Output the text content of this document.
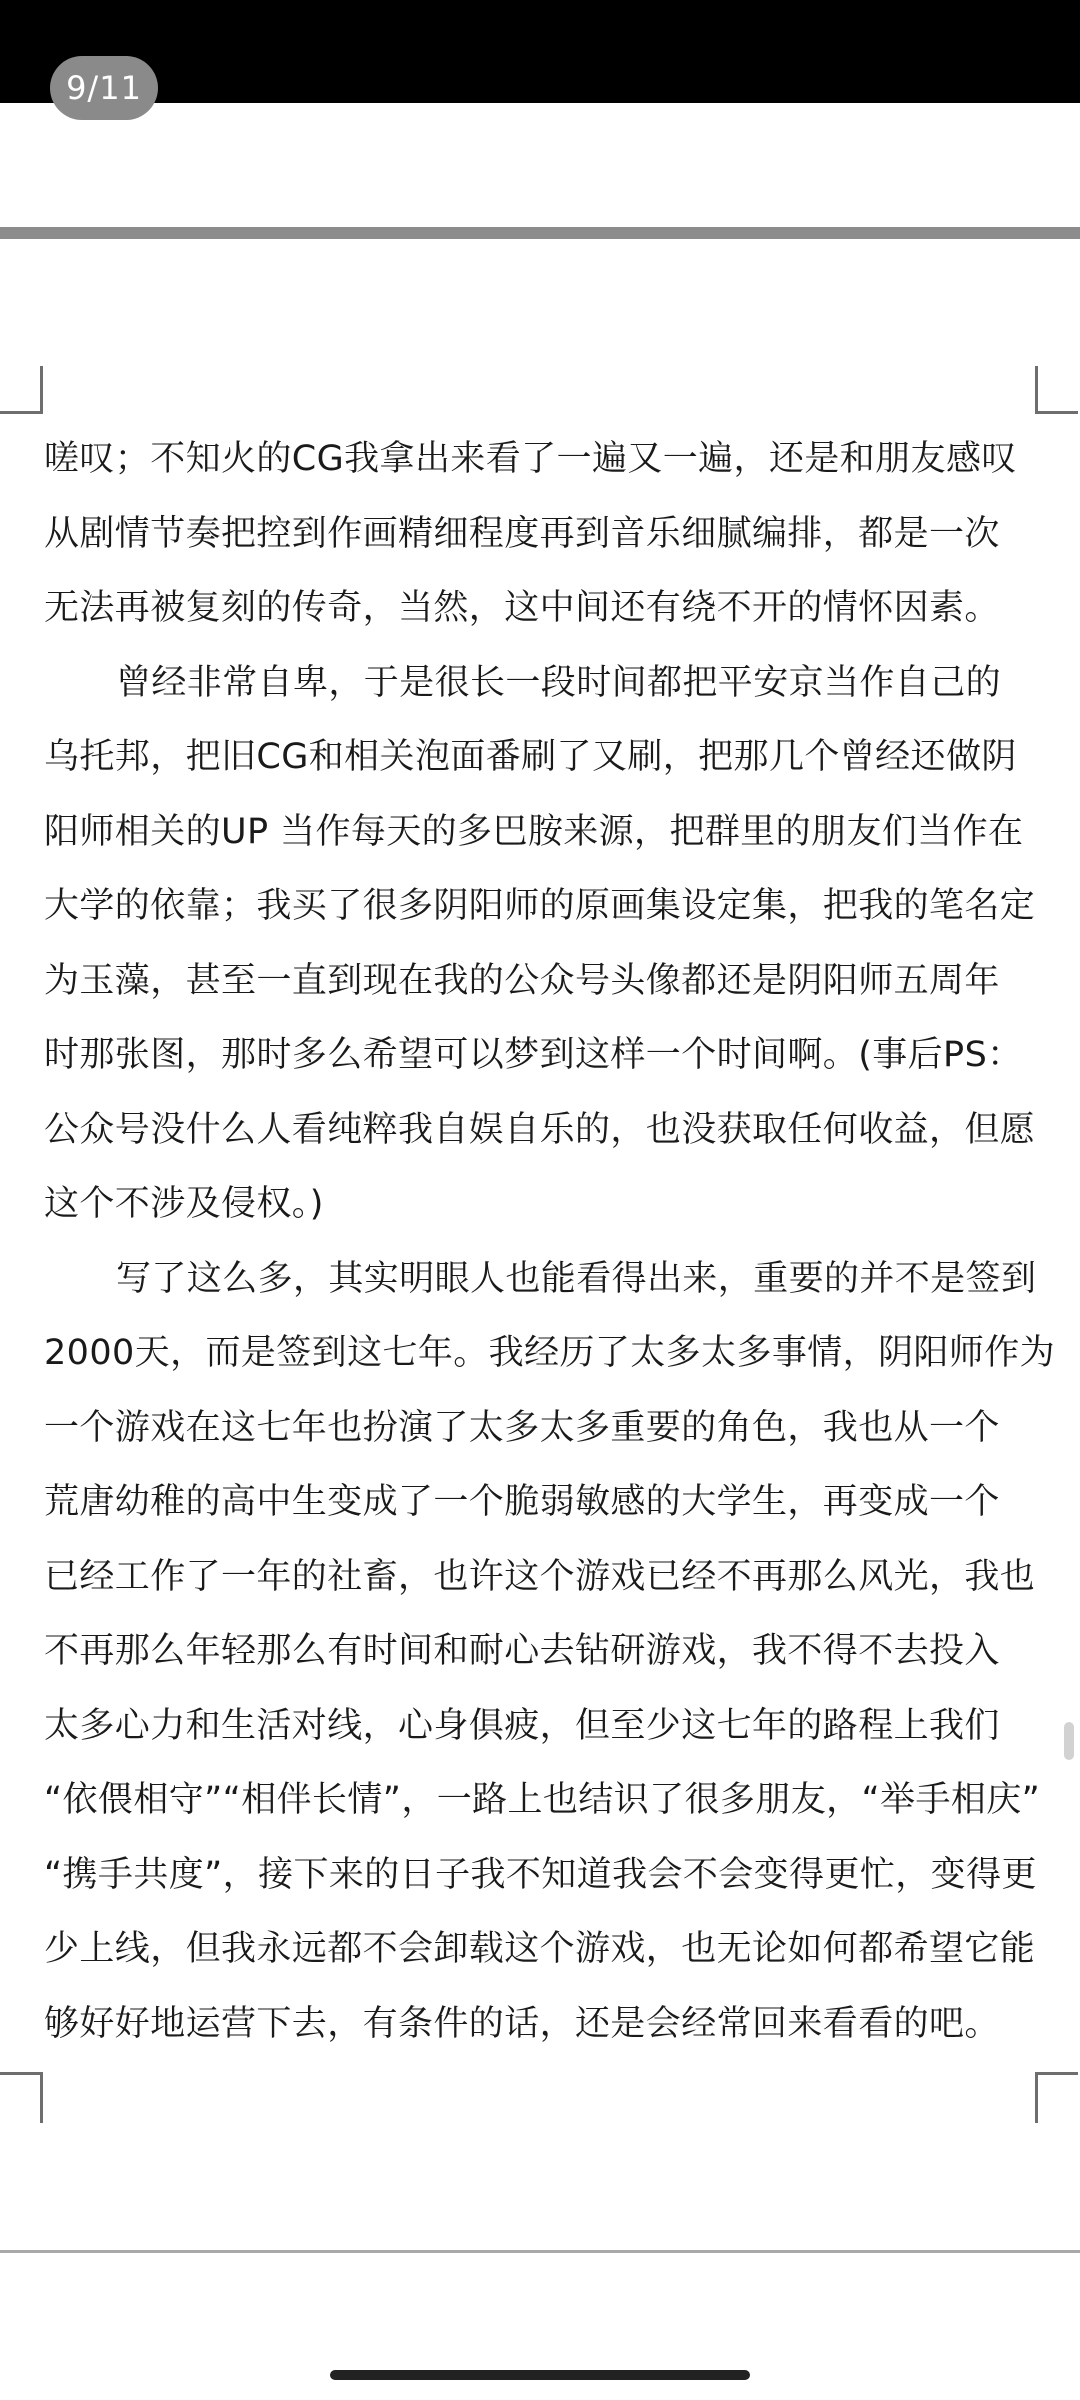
9/11
嗟叹；不知火的CG我拿出来看了一遍又一遍，还是和朋友感叹
从剧情节奏把控到作画精细程度再到音乐细腻编排，都是一次
无法再被复刻的传奇，当然，这中间还有绕不开的情怀因素。
曾经非常自卑，于是很长一段时间都把平安京当作自己的
乌托邦，把旧CG和相关泡面番刷了又刷，把那几个曾经还做阴
阳师相关的UP 当作每天的多巴胺来源，把群里的朋友们当作在
大学的依靠；我买了很多阴阳师的原画集设定集，把我的笔名定
为玉藻，甚至一直到现在我的公众号头像都还是阴阳师五周年
时那张图，那时多么希望可以梦到这样一个时间啊。(事后PS：
公众号没什么人看纯粹我自娱自乐的，也没获取任何收益，但愿
这个不涉及侵权。)
写了这么多，其实明眼人也能看得出来，重要的并不是签到
2000天，而是签到这七年。我经历了太多太多事情，阴阳师作为
一个游戏在这七年也扮演了太多太多重要的角色，我也从一个
荒唐幼稚的高中生变成了一个脆弱敏感的大学生，再变成一个
已经工作了一年的社畜，也许这个游戏已经不再那么风光，我也
不再那么年轻那么有时间和耐心去钻研游戏，我不得不去投入
太多心力和生活对线，心身俱疲，但至少这七年的路程上我们
“依偎相守”“相伴长情”，一路上也结识了很多朋友，“举手相庆”
“携手共度”，接下来的日子我不知道我会不会变得更忙，变得更
少上线，但我永远都不会卸载这个游戏，也无论如何都希望它能
够好好地运营下去，有条件的话，还是会经常回来看看的吧。
